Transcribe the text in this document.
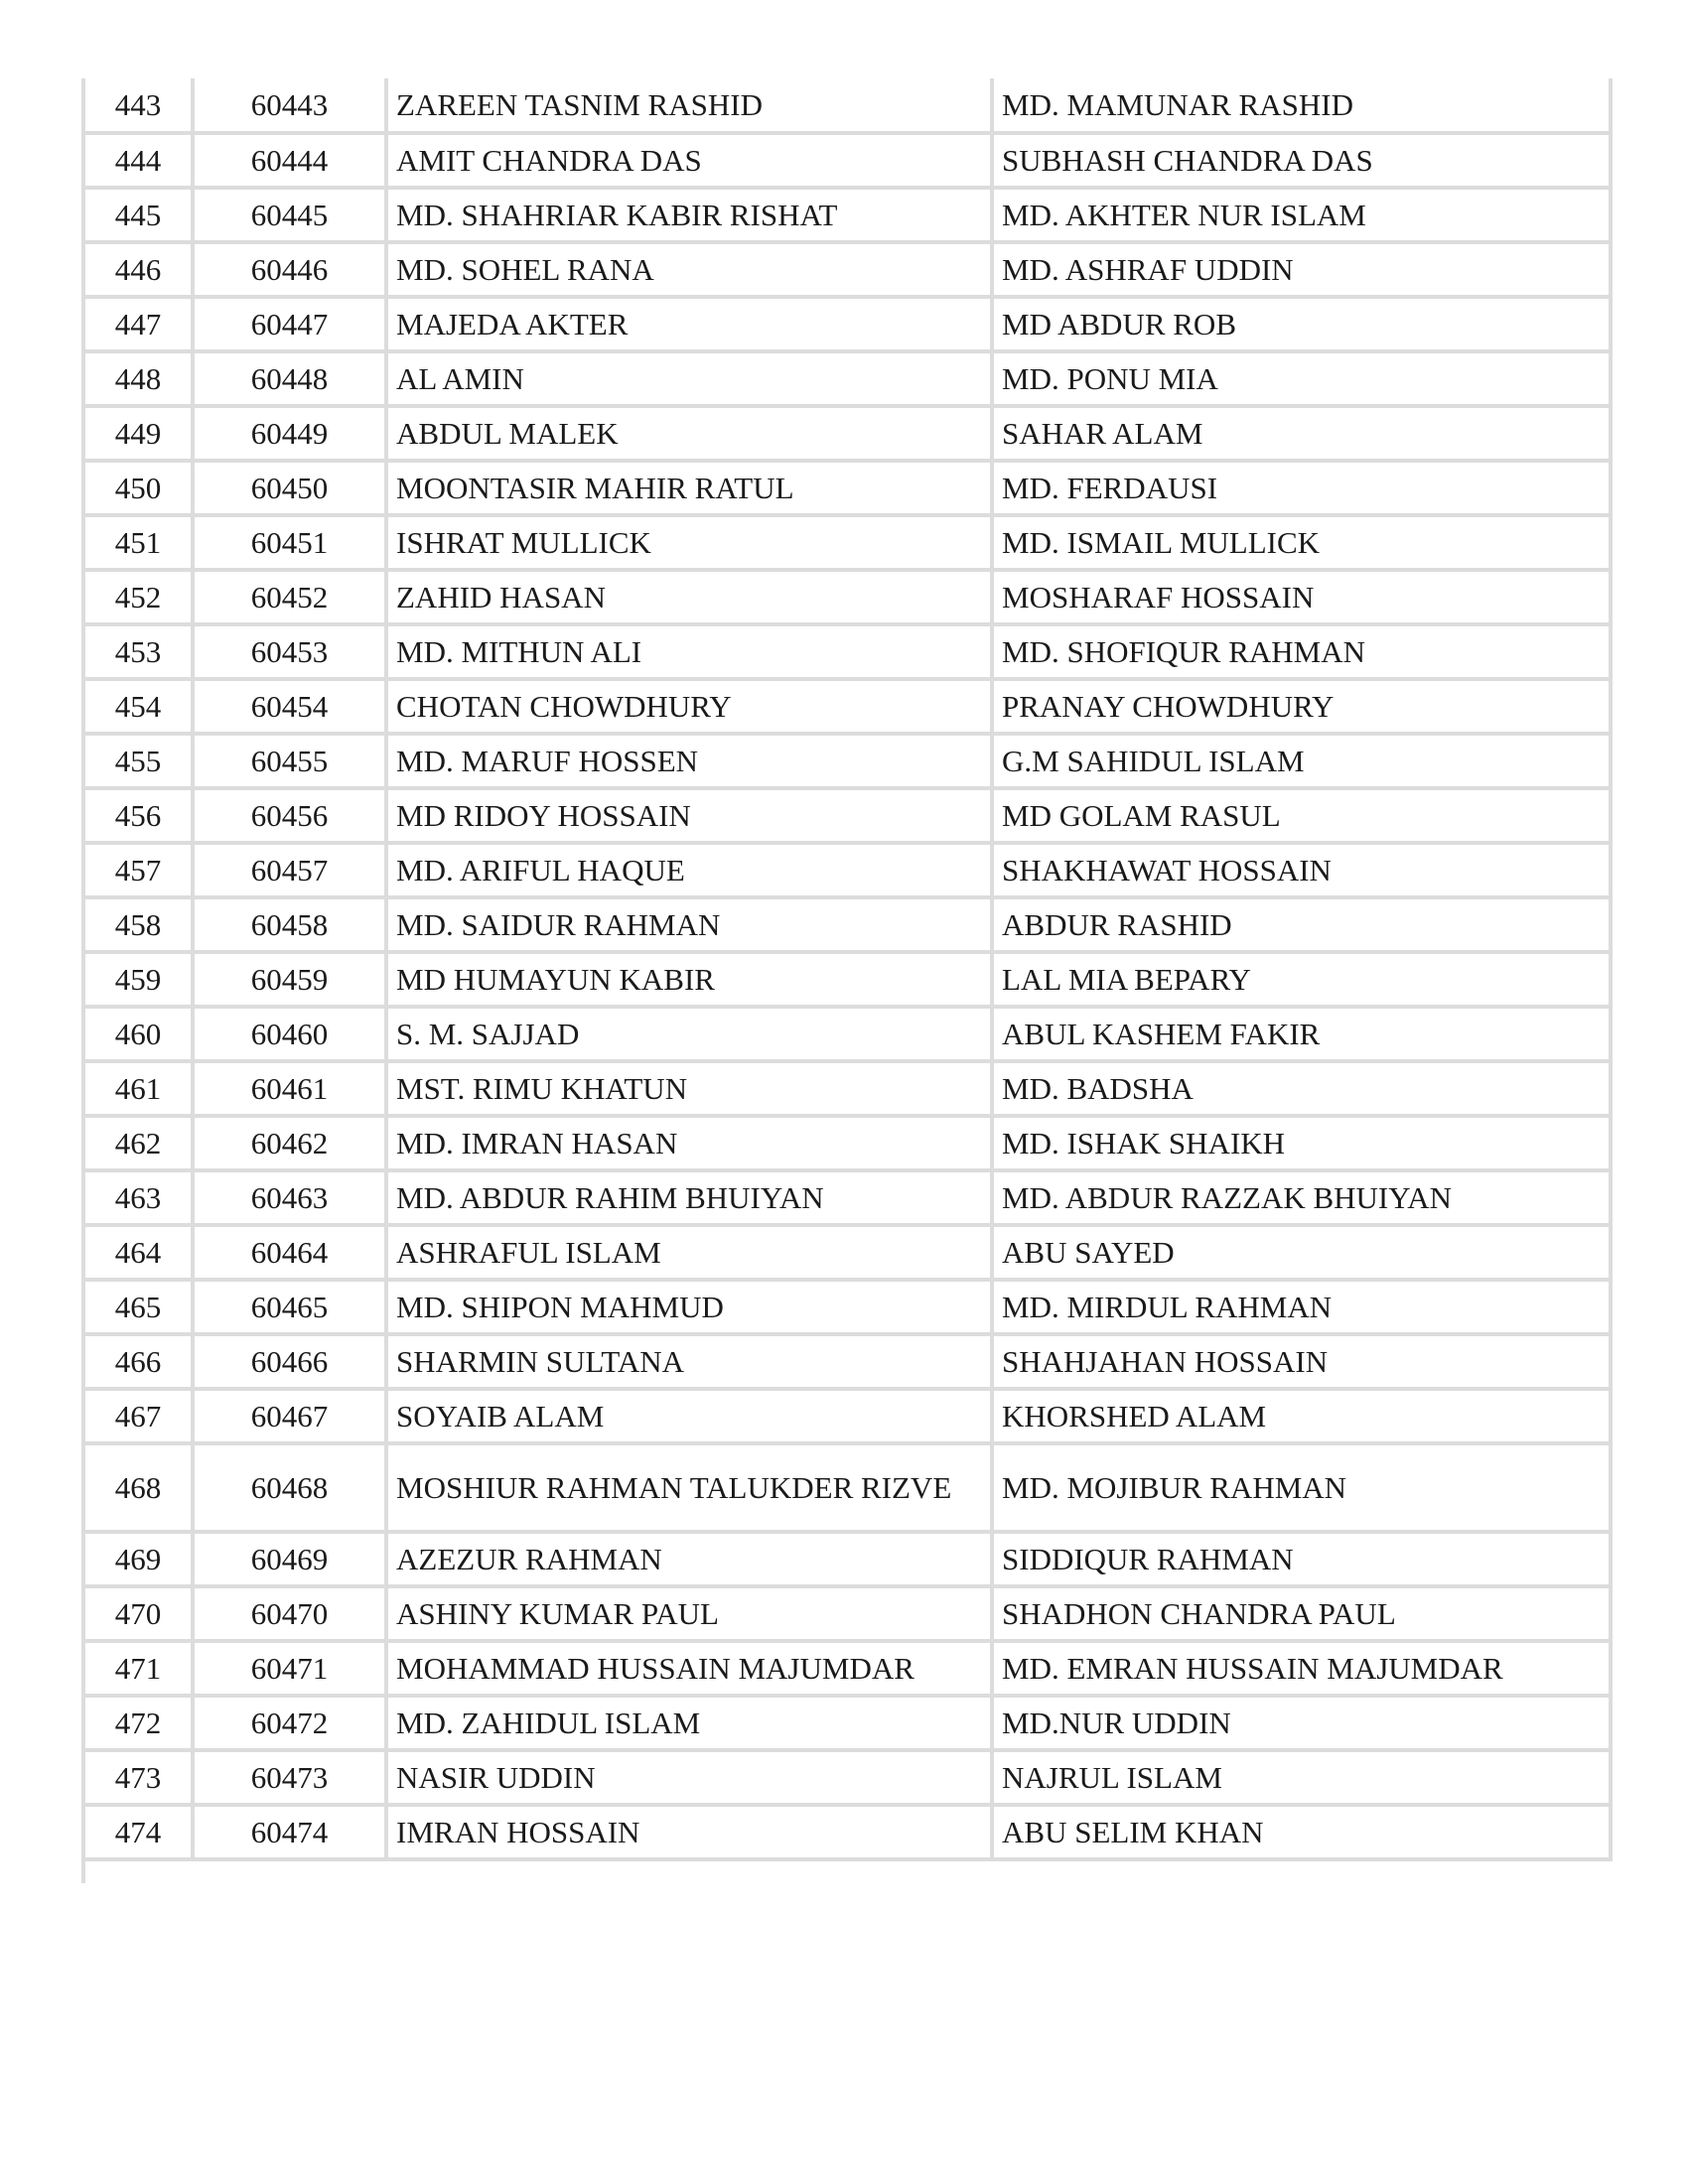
443	60443	ZAREEN TASNIM RASHID	MD. MAMUNAR RASHID
444	60444	AMIT CHANDRA DAS	SUBHASH CHANDRA DAS
445	60445	MD. SHAHRIAR KABIR RISHAT	MD. AKHTER NUR ISLAM
446	60446	MD. SOHEL RANA	MD. ASHRAF UDDIN
447	60447	MAJEDA AKTER	MD ABDUR ROB
448	60448	AL AMIN	MD. PONU MIA
449	60449	ABDUL MALEK	SAHAR ALAM
450	60450	MOONTASIR MAHIR RATUL	MD. FERDAUSI
451	60451	ISHRAT MULLICK	MD. ISMAIL MULLICK
452	60452	ZAHID HASAN	MOSHARAF HOSSAIN
453	60453	MD. MITHUN ALI	MD. SHOFIQUR RAHMAN
454	60454	CHOTAN CHOWDHURY	PRANAY CHOWDHURY
455	60455	MD. MARUF HOSSEN	G.M SAHIDUL ISLAM
456	60456	MD RIDOY HOSSAIN	MD GOLAM RASUL
457	60457	MD. ARIFUL HAQUE	SHAKHAWAT HOSSAIN
458	60458	MD. SAIDUR RAHMAN	ABDUR RASHID
459	60459	MD HUMAYUN KABIR	LAL MIA BEPARY
460	60460	S. M. SAJJAD	ABUL KASHEM FAKIR
461	60461	MST. RIMU KHATUN	MD. BADSHA
462	60462	MD. IMRAN HASAN	MD. ISHAK SHAIKH
463	60463	MD. ABDUR RAHIM BHUIYAN	MD. ABDUR RAZZAK BHUIYAN
464	60464	ASHRAFUL ISLAM	ABU SAYED
465	60465	MD. SHIPON MAHMUD	MD. MIRDUL RAHMAN
466	60466	SHARMIN SULTANA	SHAHJAHAN HOSSAIN
467	60467	SOYAIB ALAM	KHORSHED ALAM
468	60468	MOSHIUR RAHMAN TALUKDER RIZVE	MD. MOJIBUR RAHMAN
469	60469	AZEZUR RAHMAN	SIDDIQUR RAHMAN
470	60470	ASHINY KUMAR PAUL	SHADHON CHANDRA PAUL
471	60471	MOHAMMAD HUSSAIN MAJUMDAR	MD. EMRAN HUSSAIN MAJUMDAR
472	60472	MD. ZAHIDUL ISLAM	MD.NUR UDDIN
473	60473	NASIR UDDIN	NAJRUL ISLAM
474	60474	IMRAN HOSSAIN	ABU SELIM KHAN
